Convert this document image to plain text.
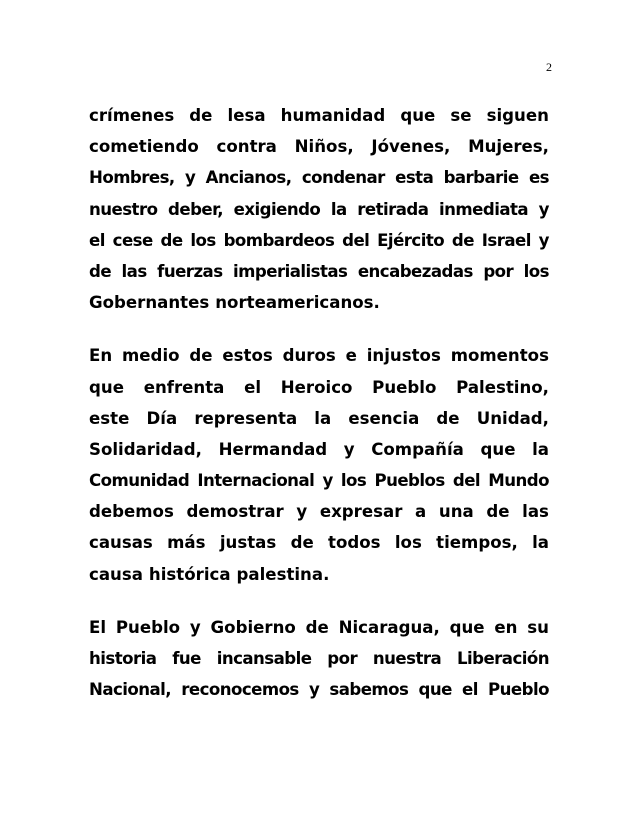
2
crímenes de lesa humanidad que se siguen
cometiendo contra Niños, Jóvenes, Mujeres,
Hombres, y Ancianos, condenar esta barbarie es
nuestro deber, exigiendo la retirada inmediata y
el cese de los bombardeos del Ejército de Israel y
de las fuerzas imperialistas encabezadas por los
Gobernantes norteamericanos.
En medio de estos duros e injustos momentos
que enfrenta el Heroico Pueblo Palestino,
este Día representa la esencia de Unidad,
Solidaridad, Hermandad y Compañía que la
Comunidad Internacional y los Pueblos del Mundo
debemos demostrar y expresar a una de las
causas más justas de todos los tiempos, la
causa histórica palestina.
El Pueblo y Gobierno de Nicaragua, que en su
historia fue incansable por nuestra Liberación
Nacional, reconocemos y sabemos que el Pueblo
